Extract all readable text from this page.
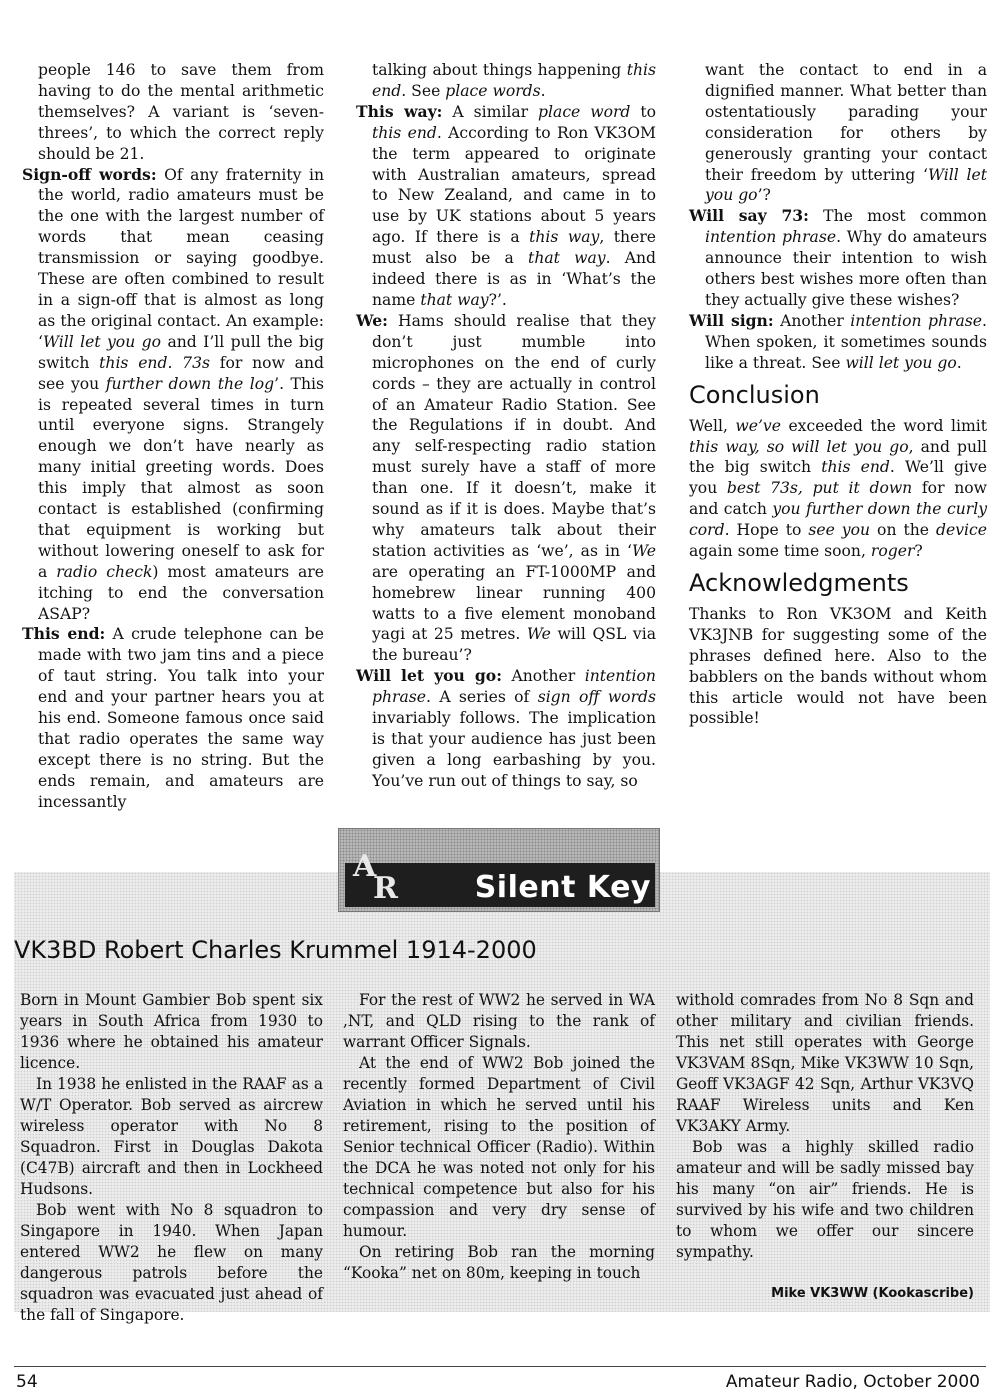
people 146 to save them from having to do the mental arithmetic themselves? A variant is ‘seven-threes’, to which the correct reply should be 21.

Sign-off words: Of any fraternity in the world, radio amateurs must be the one with the largest number of words that mean ceasing transmission or saying goodbye. These are often combined to result in a sign-off that is almost as long as the original contact. An example: ‘Will let you go and I’ll pull the big switch this end. 73s for now and see you further down the log’. This is repeated several times in turn until everyone signs. Strangely enough we don’t have nearly as many initial greeting words. Does this imply that almost as soon contact is established (confirming that equipment is working but without lowering oneself to ask for a radio check) most amateurs are itching to end the conversation ASAP?

This end: A crude telephone can be made with two jam tins and a piece of taut string. You talk into your end and your partner hears you at his end. Someone famous once said that radio operates the same way except there is no string. But the ends remain, and amateurs are incessantly

talking about things happening this end. See place words.

This way: A similar place word to this end. According to Ron VK3OM the term appeared to originate with Australian amateurs, spread to New Zealand, and came in to use by UK stations about 5 years ago. If there is a this way, there must also be a that way. And indeed there is as in ‘What’s the name that way?’.

We: Hams should realise that they don’t just mumble into microphones on the end of curly cords – they are actually in control of an Amateur Radio Station. See the Regulations if in doubt. And any self-respecting radio station must surely have a staff of more than one. If it doesn’t, make it sound as if it is does. Maybe that’s why amateurs talk about their station activities as ‘we’, as in ‘We are operating an FT-1000MP and homebrew linear running 400 watts to a five element monoband yagi at 25 metres. We will QSL via the bureau’?

Will let you go: Another intention phrase. A series of sign off words invariably follows. The implication is that your audience has just been given a long earbashing by you. You’ve run out of things to say, so

want the contact to end in a dignified manner. What better than ostentatiously parading your consideration for others by generously granting your contact their freedom by uttering ‘Will let you go’?

Will say 73: The most common intention phrase. Why do amateurs announce their intention to wish others best wishes more often than they actually give these wishes?

Will sign: Another intention phrase. When spoken, it sometimes sounds like a threat. See will let you go.

Conclusion

Well, we’ve exceeded the word limit this way, so will let you go, and pull the big switch this end. We’ll give you best 73s, put it down for now and catch you further down the curly cord. Hope to see you on the device again some time soon, roger?

Acknowledgments

Thanks to Ron VK3OM and Keith VK3JNB for suggesting some of the phrases defined here. Also to the babblers on the bands without whom this article would not have been possible!

A
R	Silent Key
VK3BD Robert Charles Krummel 1914-2000

Born in Mount Gambier Bob spent six years in South Africa from 1930 to 1936 where he obtained his amateur licence.

In 1938 he enlisted in the RAAF as a W/T Operator. Bob served as aircrew wireless operator with No 8 Squadron. First in Douglas Dakota (C47B) aircraft and then in Lockheed Hudsons.

Bob went with No 8 squadron to Singapore in 1940. When Japan entered WW2 he flew on many dangerous patrols before the squadron was evacuated just ahead of the fall of Singapore.

For the rest of WW2 he served in WA ,NT, and QLD rising to the rank of warrant Officer Signals.

At the end of WW2 Bob joined the recently formed Department of Civil Aviation in which he served until his retirement, rising to the position of Senior technical Officer (Radio). Within the DCA he was noted not only for his technical competence but also for his compassion and very dry sense of humour.

On retiring Bob ran the morning “Kooka” net on 80m, keeping in touch

withold comrades from No 8 Sqn and other military and civilian friends. This net still operates with George VK3VAM 8Sqn, Mike VK3WW 10 Sqn, Geoff VK3AGF 42 Sqn, Arthur VK3VQ RAAF Wireless units and Ken VK3AKY Army.

Bob was a highly skilled radio amateur and will be sadly missed bay his many “on air” friends. He is survived by his wife and two children to whom we offer our sincere sympathy.

Mike VK3WW (Kookascribe)
54	Amateur Radio, October 2000
